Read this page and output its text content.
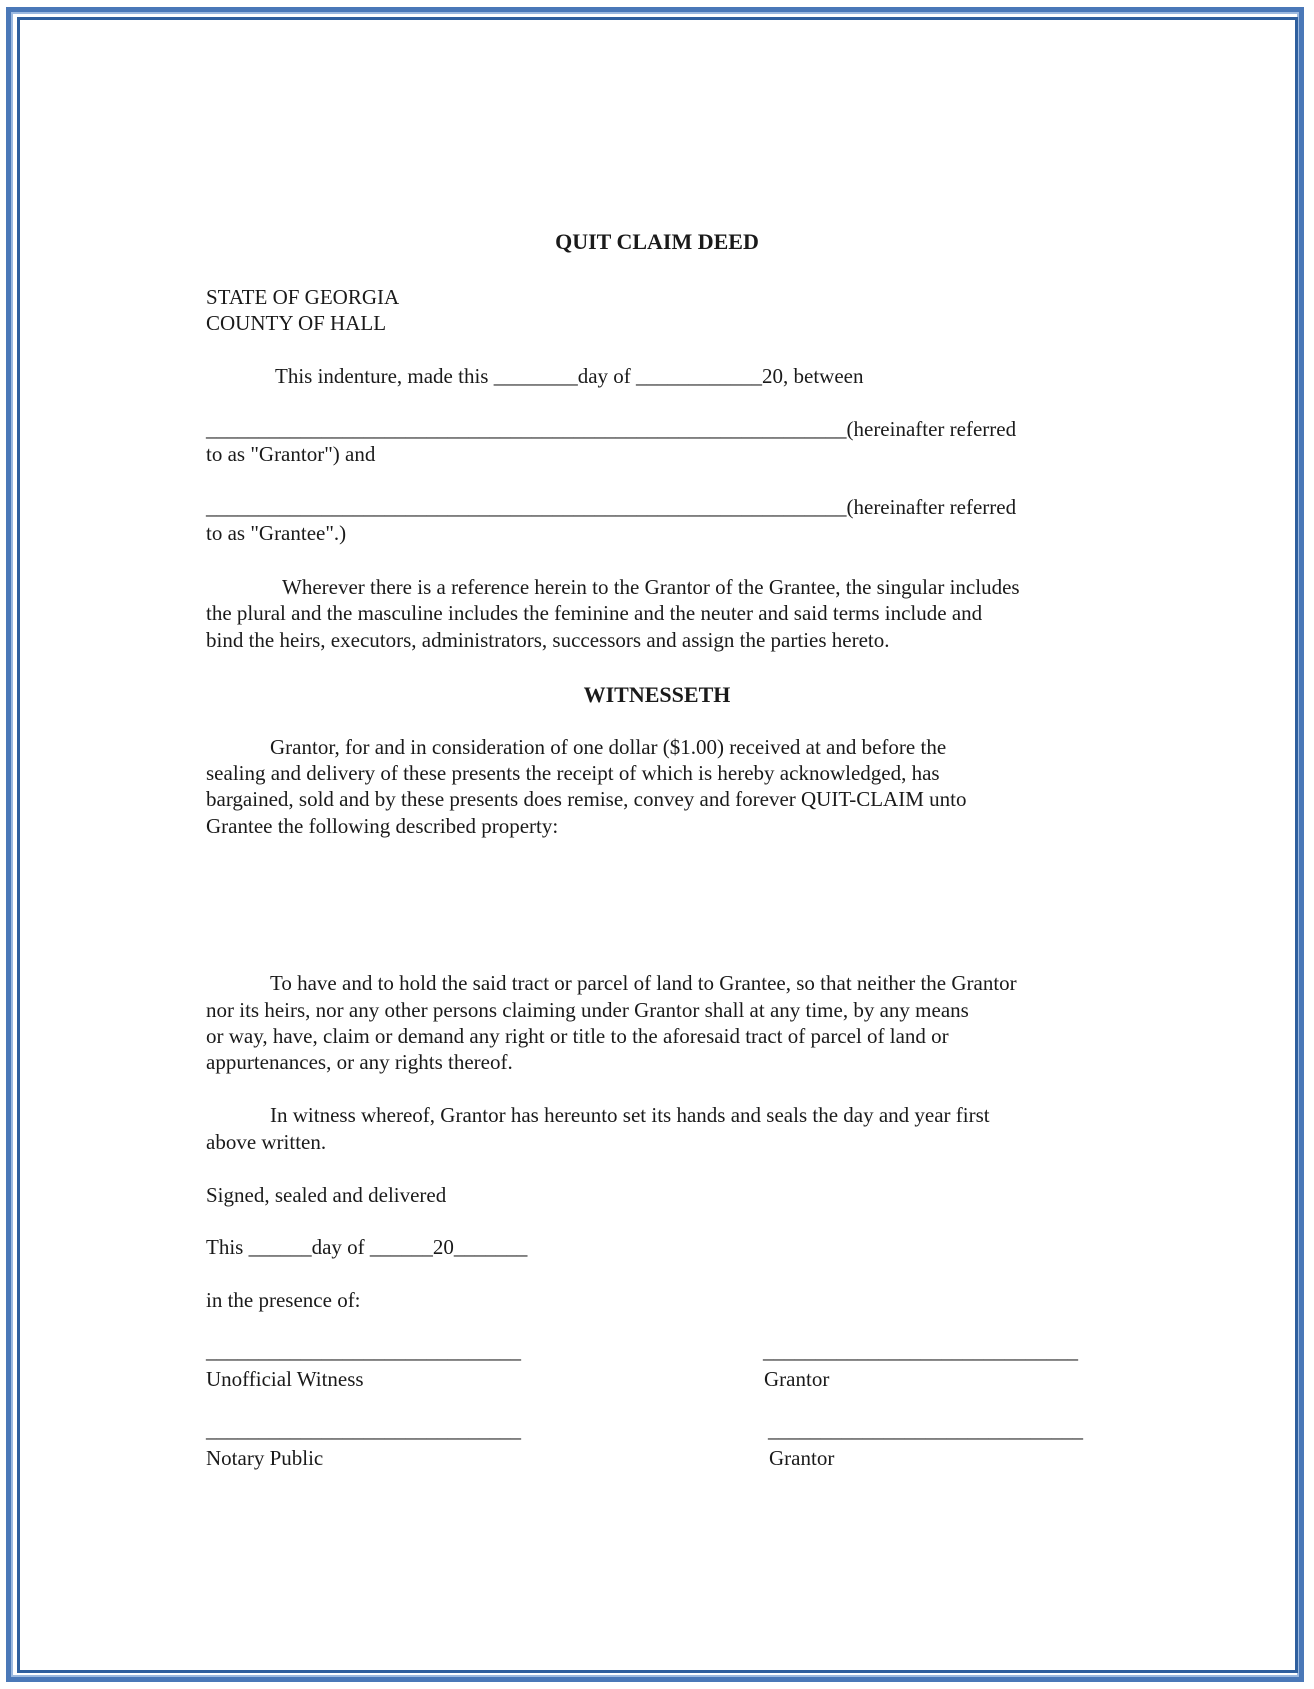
QUIT CLAIM DEED
STATE OF GEORGIA
COUNTY OF HALL
This indenture, made this ________day of ____________20, between
_____________________________________________________________(hereinafter referred
to as "Grantor") and
_____________________________________________________________(hereinafter referred
to as "Grantee".)
Wherever there is a reference herein to the Grantor of the Grantee, the singular includes
the plural and the masculine includes the feminine and the neuter and said terms include and
bind the heirs, executors, administrators, successors and assign the parties hereto.
WITNESSETH
Grantor, for and in consideration of one dollar ($1.00) received at and before the
sealing and delivery of these presents the receipt of which is hereby acknowledged, has
bargained, sold and by these presents does remise, convey and forever QUIT-CLAIM unto
Grantee the following described property:
To have and to hold the said tract or parcel of land to Grantee, so that neither the Grantor
nor its heirs, nor any other persons claiming under Grantor shall at any time, by any means
or way, have, claim or demand any right or title to the aforesaid tract of parcel of land or
appurtenances, or any rights thereof.
In witness whereof, Grantor has hereunto set its hands and seals the day and year first
above written.
Signed, sealed and delivered
This ______day of ______20_______
in the presence of:
______________________________
Unofficial Witness
______________________________
Grantor
______________________________
Notary Public
______________________________
Grantor
